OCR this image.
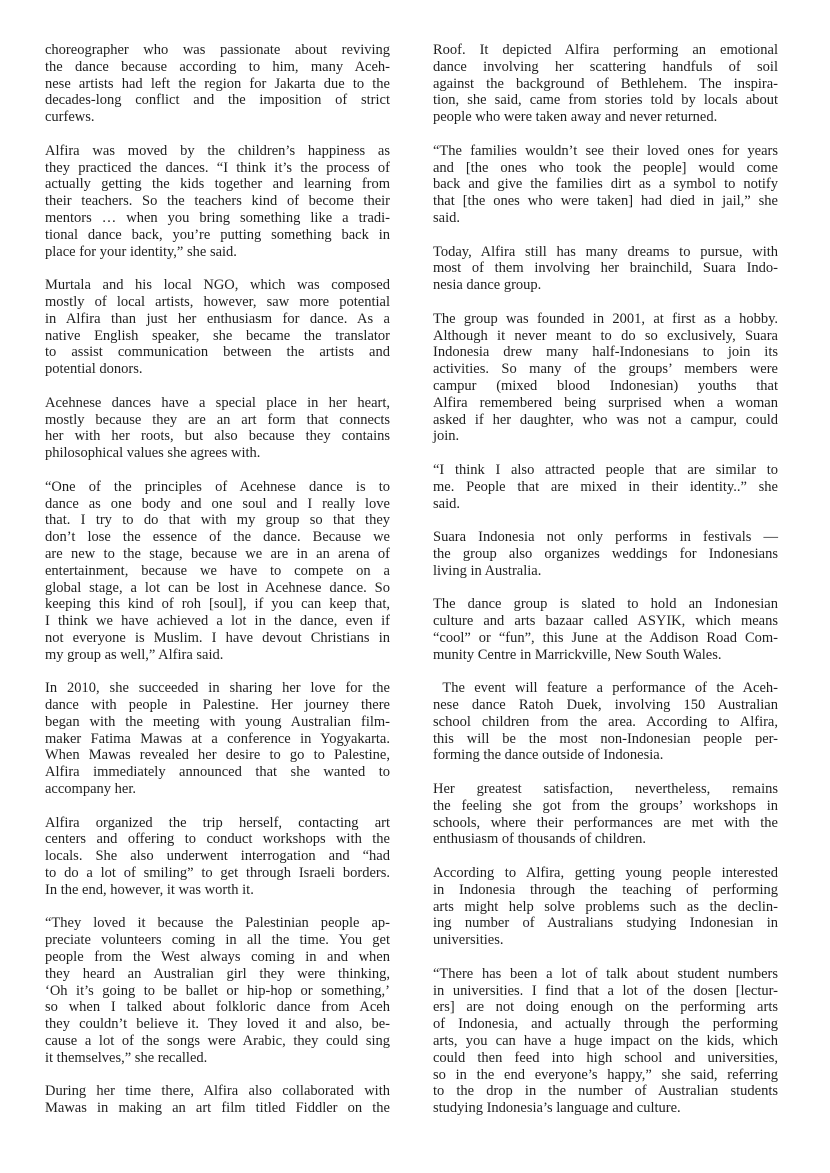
choreographer who was passionate about reviving
the dance because according to him, many Aceh-
nese artists had left the region for Jakarta due to the
decades-long conflict and the imposition of strict
curfews.
Alfira was moved by the children’s happiness as
they practiced the dances. “I think it’s the process of
actually getting the kids together and learning from
their teachers. So the teachers kind of become their
mentors … when you bring something like a tradi-
tional dance back, you’re putting something back in
place for your identity,” she said.
Murtala and his local NGO, which was composed
mostly of local artists, however, saw more potential
in Alfira than just her enthusiasm for dance. As a
native English speaker, she became the translator
to assist communication between the artists and
potential donors.
Acehnese dances have a special place in her heart,
mostly because they are an art form that connects
her with her roots, but also because they contains
philosophical values she agrees with.
“One of the principles of Acehnese dance is to
dance as one body and one soul and I really love
that. I try to do that with my group so that they
don’t lose the essence of the dance. Because we
are new to the stage, because we are in an arena of
entertainment, because we have to compete on a
global stage, a lot can be lost in Acehnese dance. So
keeping this kind of roh [soul], if you can keep that,
I think we have achieved a lot in the dance, even if
not everyone is Muslim. I have devout Christians in
my group as well,” Alfira said.
In 2010, she succeeded in sharing her love for the
dance with people in Palestine. Her journey there
began with the meeting with young Australian film-
maker Fatima Mawas at a conference in Yogyakarta.
When Mawas revealed her desire to go to Palestine,
Alfira immediately announced that she wanted to
accompany her.
Alfira organized the trip herself, contacting art
centers and offering to conduct workshops with the
locals. She also underwent interrogation and “had
to do a lot of smiling” to get through Israeli borders.
In the end, however, it was worth it.
“They loved it because the Palestinian people ap-
preciate volunteers coming in all the time. You get
people from the West always coming in and when
they heard an Australian girl they were thinking,
‘Oh it’s going to be ballet or hip-hop or something,’
so when I talked about folkloric dance from Aceh
they couldn’t believe it. They loved it and also, be-
cause a lot of the songs were Arabic, they could sing
it themselves,” she recalled.
During her time there, Alfira also collaborated with
Mawas in making an art film titled Fiddler on the
Roof. It depicted Alfira performing an emotional
dance involving her scattering handfuls of soil
against the background of Bethlehem. The inspira-
tion, she said, came from stories told by locals about
people who were taken away and never returned.
“The families wouldn’t see their loved ones for years
and [the ones who took the people] would come
back and give the families dirt as a symbol to notify
that [the ones who were taken] had died in jail,” she
said.
Today, Alfira still has many dreams to pursue, with
most of them involving her brainchild, Suara Indo-
nesia dance group.
The group was founded in 2001, at first as a hobby.
Although it never meant to do so exclusively, Suara
Indonesia drew many half-Indonesians to join its
activities. So many of the groups’ members were
campur (mixed blood Indonesian) youths that
Alfira remembered being surprised when a woman
asked if her daughter, who was not a campur, could
join.
“I think I also attracted people that are similar to
me. People that are mixed in their identity..” she
said.
Suara Indonesia not only performs in festivals —
the group also organizes weddings for Indonesians
living in Australia.
The dance group is slated to hold an Indonesian
culture and arts bazaar called ASYIK, which means
“cool” or “fun”, this June at the Addison Road Com-
munity Centre in Marrickville, New South Wales.
The event will feature a performance of the Aceh-
nese dance Ratoh Duek, involving 150 Australian
school children from the area. According to Alfira,
this will be the most non-Indonesian people per-
forming the dance outside of Indonesia.
Her greatest satisfaction, nevertheless, remains
the feeling she got from the groups’ workshops in
schools, where their performances are met with the
enthusiasm of thousands of children.
According to Alfira, getting young people interested
in Indonesia through the teaching of performing
arts might help solve problems such as the declin-
ing number of Australians studying Indonesian in
universities.
“There has been a lot of talk about student numbers
in universities. I find that a lot of the dosen [lectur-
ers] are not doing enough on the performing arts
of Indonesia, and actually through the performing
arts, you can have a huge impact on the kids, which
could then feed into high school and universities,
so in the end everyone’s happy,” she said, referring
to the drop in the number of Australian students
studying Indonesia’s language and culture.
